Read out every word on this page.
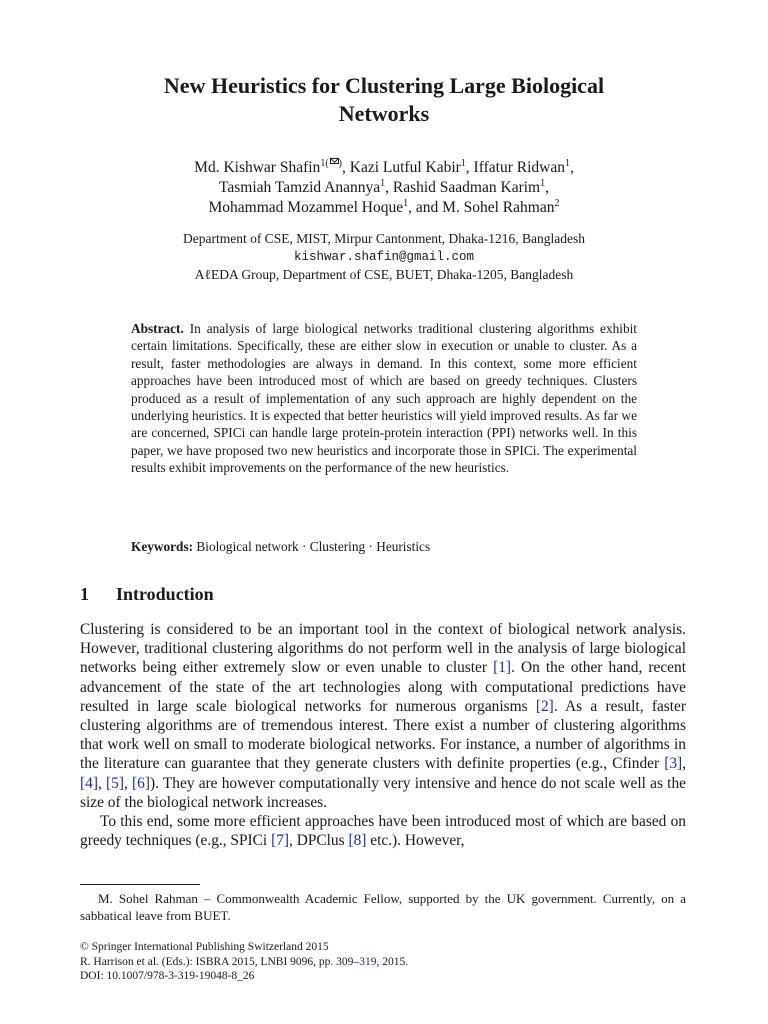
New Heuristics for Clustering Large Biological
Networks
Md. Kishwar Shafin$^{1( )}$, Kazi Lutful Kabir$^1$, Iffatur Ridwan$^1$,
Tasmiah Tamzid Anannya$^1$, Rashid Saadman Karim$^1$,
Mohammad Mozammel Hoque$^1$, and M. Sohel Rahman$^2$
Department of CSE, MIST, Mirpur Cantonment, Dhaka-1216, Bangladesh
kishwar.shafin@gmail.com
AℓEDA Group, Department of CSE, BUET, Dhaka-1205, Bangladesh
Abstract. In analysis of large biological networks traditional clustering algorithms exhibit certain limitations. Specifically, these are either slow in execution or unable to cluster. As a result, faster methodologies are always in demand. In this context, some more efficient approaches have been introduced most of which are based on greedy techniques. Clusters produced as a result of implementation of any such approach are highly dependent on the underlying heuristics. It is expected that better heuristics will yield improved results. As far we are concerned, SPICi can handle large protein-protein interaction (PPI) networks well. In this paper, we have proposed two new heuristics and incorporate those in SPICi. The experimental results exhibit improvements on the performance of the new heuristics.
Keywords: Biological network · Clustering · Heuristics
1 Introduction

Clustering is considered to be an important tool in the context of biological network analysis. However, traditional clustering algorithms do not perform well in the analysis of large biological networks being either extremely slow or even unable to cluster [1]. On the other hand, recent advancement of the state of the art technologies along with computational predictions have resulted in large scale biological networks for numerous organisms [2]. As a result, faster clustering algorithms are of tremendous interest. There exist a number of clustering algorithms that work well on small to moderate biological networks. For instance, a number of algorithms in the literature can guarantee that they generate clusters with definite properties (e.g., Cfinder [3], [4], [5], [6]). They are however computationally very intensive and hence do not scale well as the size of the biological network increases.

To this end, some more efficient approaches have been introduced most of which are based on greedy techniques (e.g., SPICi [7], DPClus [8] etc.). However,

M. Sohel Rahman – Commonwealth Academic Fellow, supported by the UK government. Currently, on a sabbatical leave from BUET.
© Springer International Publishing Switzerland 2015
R. Harrison et al. (Eds.): ISBRA 2015, LNBI 9096, pp. 309–319, 2015.
DOI: 10.1007/978-3-319-19048-8_26
